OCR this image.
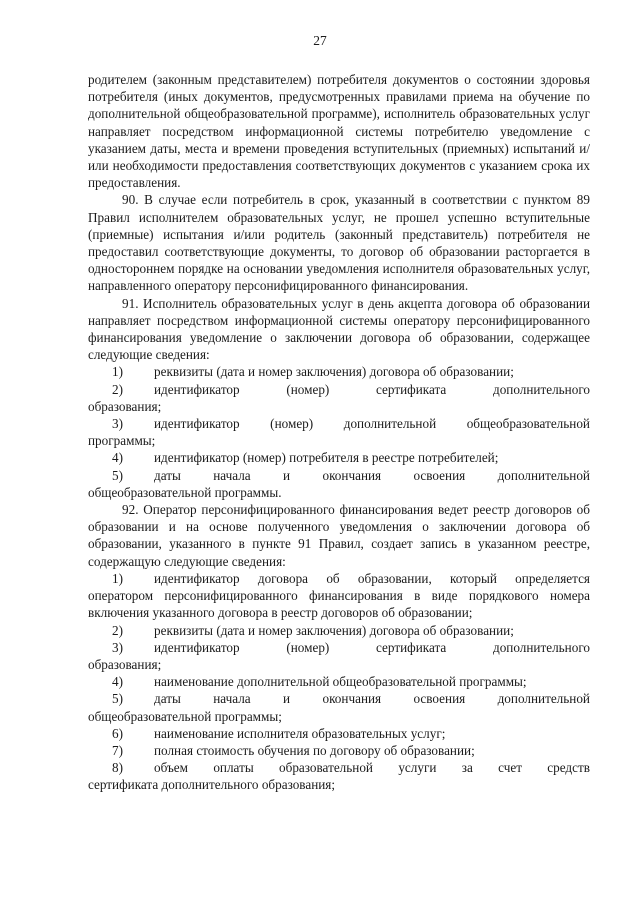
27

родителем (законным представителем) потребителя документов о состоянии здоровья потребителя (иных документов, предусмотренных правилами приема на обучение по дополнительной общеобразовательной программе), исполнитель образовательных услуг направляет посредством информационной системы потребителю уведомление с указанием даты, места и времени проведения вступительных (приемных) испытаний и/или необходимости предоставления соответствующих документов с указанием срока их предоставления.

90. В случае если потребитель в срок, указанный в соответствии с пунктом 89 Правил исполнителем образовательных услуг, не прошел успешно вступительные (приемные) испытания и/или родитель (законный представитель) потребителя не предоставил соответствующие документы, то договор об образовании расторгается в одностороннем порядке на основании уведомления исполнителя образовательных услуг, направленного оператору персонифицированного финансирования.

91. Исполнитель образовательных услуг в день акцепта договора об образовании направляет посредством информационной системы оператору персонифицированного финансирования уведомление о заключении договора об образовании, содержащее следующие сведения:

1)	реквизиты (дата и номер заключения) договора об образовании;
2)	идентификатор (номер) сертификата дополнительного

образования;

3)	идентификатор (номер) дополнительной общеобразовательной

программы;

4)	идентификатор (номер) потребителя в реестре потребителей;
5)	даты начала и окончания освоения дополнительной

общеобразовательной программы.

92. Оператор персонифицированного финансирования ведет реестр договоров об образовании и на основе полученного уведомления о заключении договора об образовании, указанного в пункте 91 Правил, создает запись в указанном реестре, содержащую следующие сведения:

1)	идентификатор договора об образовании, который определяется

оператором персонифицированного финансирования в виде порядкового номера включения указанного договора в реестр договоров об образовании;

2)	реквизиты (дата и номер заключения) договора об образовании;
3)	идентификатор (номер) сертификата дополнительного

образования;

4)	наименование дополнительной общеобразовательной программы;
5)	даты начала и окончания освоения дополнительной

общеобразовательной программы;

6)	наименование исполнителя образовательных услуг;
7)	полная стоимость обучения по договору об образовании;
8)	объем оплаты образовательной услуги за счет средств

сертификата дополнительного образования;
